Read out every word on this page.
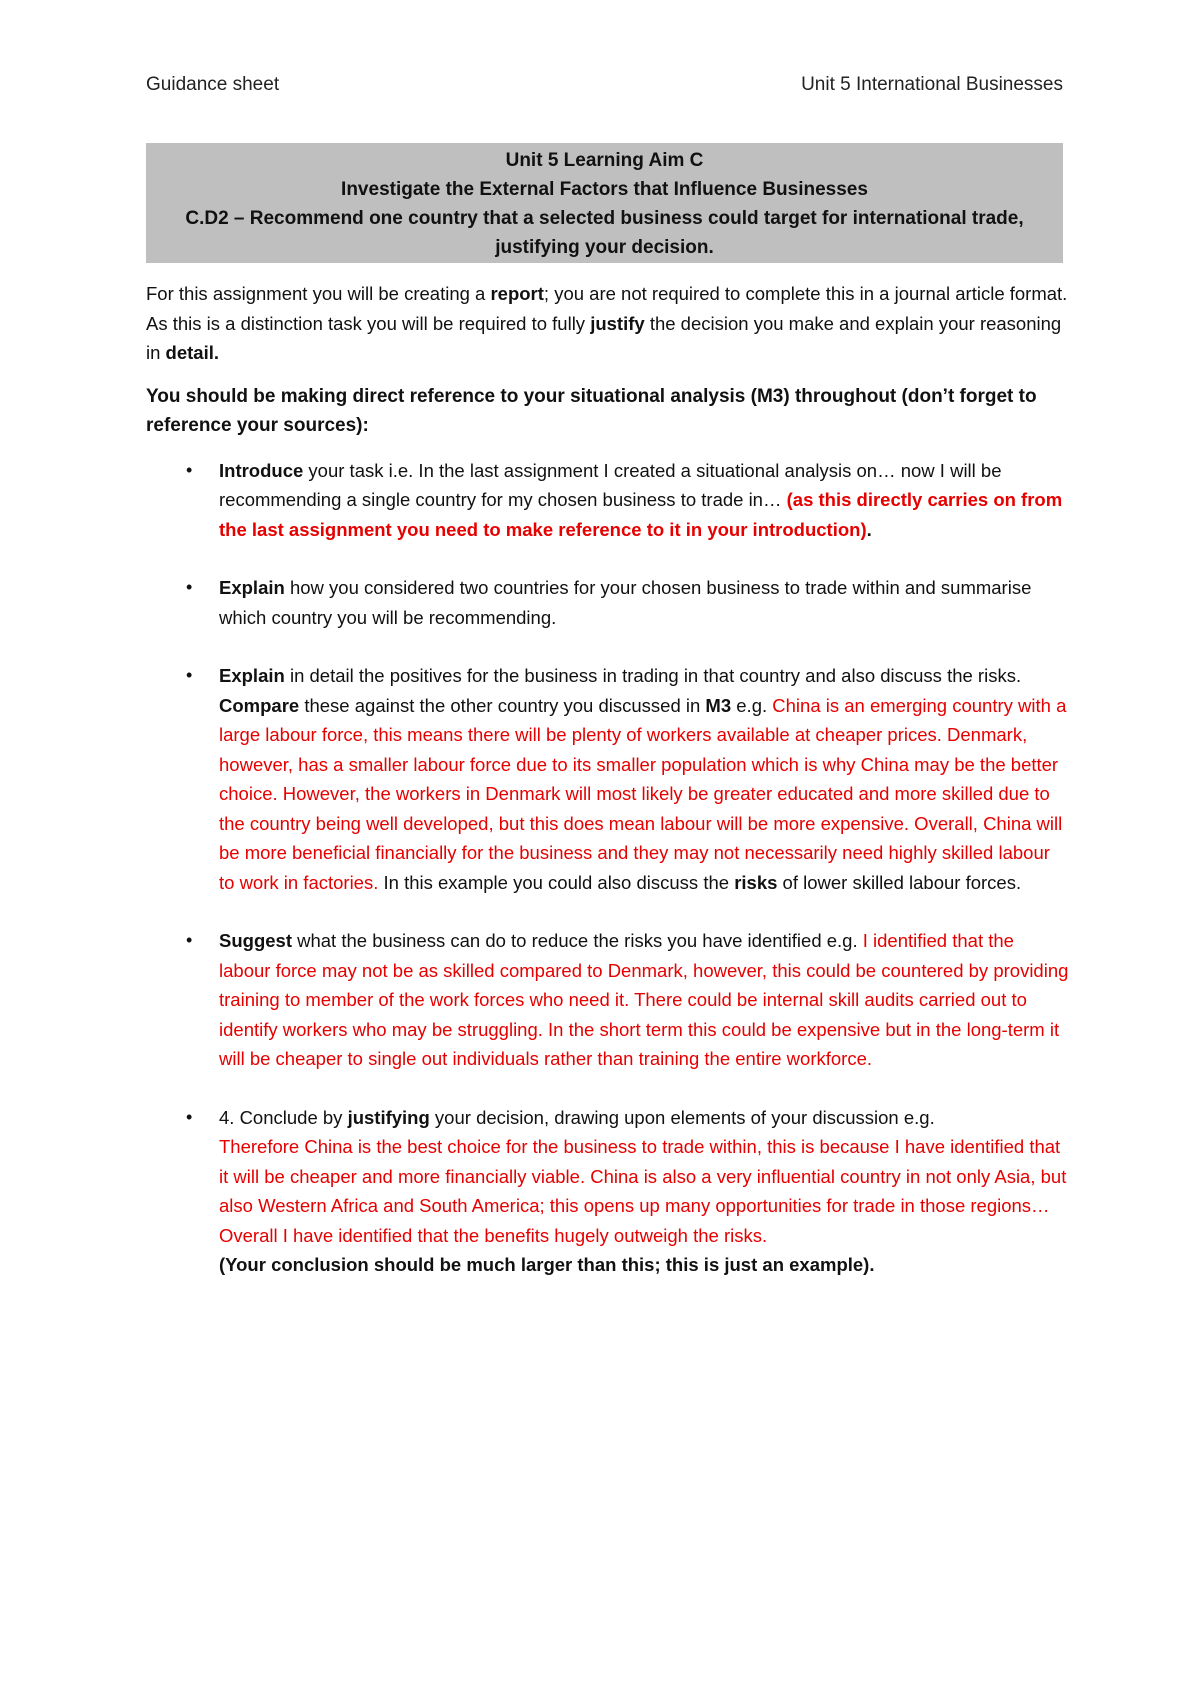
Guidance sheet	Unit 5 International Businesses
Unit 5 Learning Aim C
Investigate the External Factors that Influence Businesses
C.D2 – Recommend one country that a selected business could target for international trade,
justifying your decision.

For this assignment you will be creating a report; you are not required to complete this in a journal article format. As this is a distinction task you will be required to fully justify the decision you make and explain your reasoning in detail.

You should be making direct reference to your situational analysis (M3) throughout (don’t forget to reference your sources):
• Introduce your task i.e. In the last assignment I created a situational analysis on… now I will be recommending a single country for my chosen business to trade in… (as this directly carries on from the last assignment you need to make reference to it in your introduction).
• Explain how you considered two countries for your chosen business to trade within and summarise which country you will be recommending.
• Explain in detail the positives for the business in trading in that country and also discuss the risks. Compare these against the other country you discussed in M3 e.g. China is an emerging country with a large labour force, this means there will be plenty of workers available at cheaper prices. Denmark, however, has a smaller labour force due to its smaller population which is why China may be the better choice. However, the workers in Denmark will most likely be greater educated and more skilled due to the country being well developed, but this does mean labour will be more expensive. Overall, China will be more beneficial financially for the business and they may not necessarily need highly skilled labour to work in factories. In this example you could also discuss the risks of lower skilled labour forces.
• Suggest what the business can do to reduce the risks you have identified e.g. I identified that the labour force may not be as skilled compared to Denmark, however, this could be countered by providing training to member of the work forces who need it. There could be internal skill audits carried out to identify workers who may be struggling. In the short term this could be expensive but in the long-term it will be cheaper to single out individuals rather than training the entire workforce.
• 4. Conclude by justifying your decision, drawing upon elements of your discussion e.g.
Therefore China is the best choice for the business to trade within, this is because I have identified that it will be cheaper and more financially viable. China is also a very influential country in not only Asia, but also Western Africa and South America; this opens up many opportunities for trade in those regions…
Overall I have identified that the benefits hugely outweigh the risks.
(Your conclusion should be much larger than this; this is just an example).
